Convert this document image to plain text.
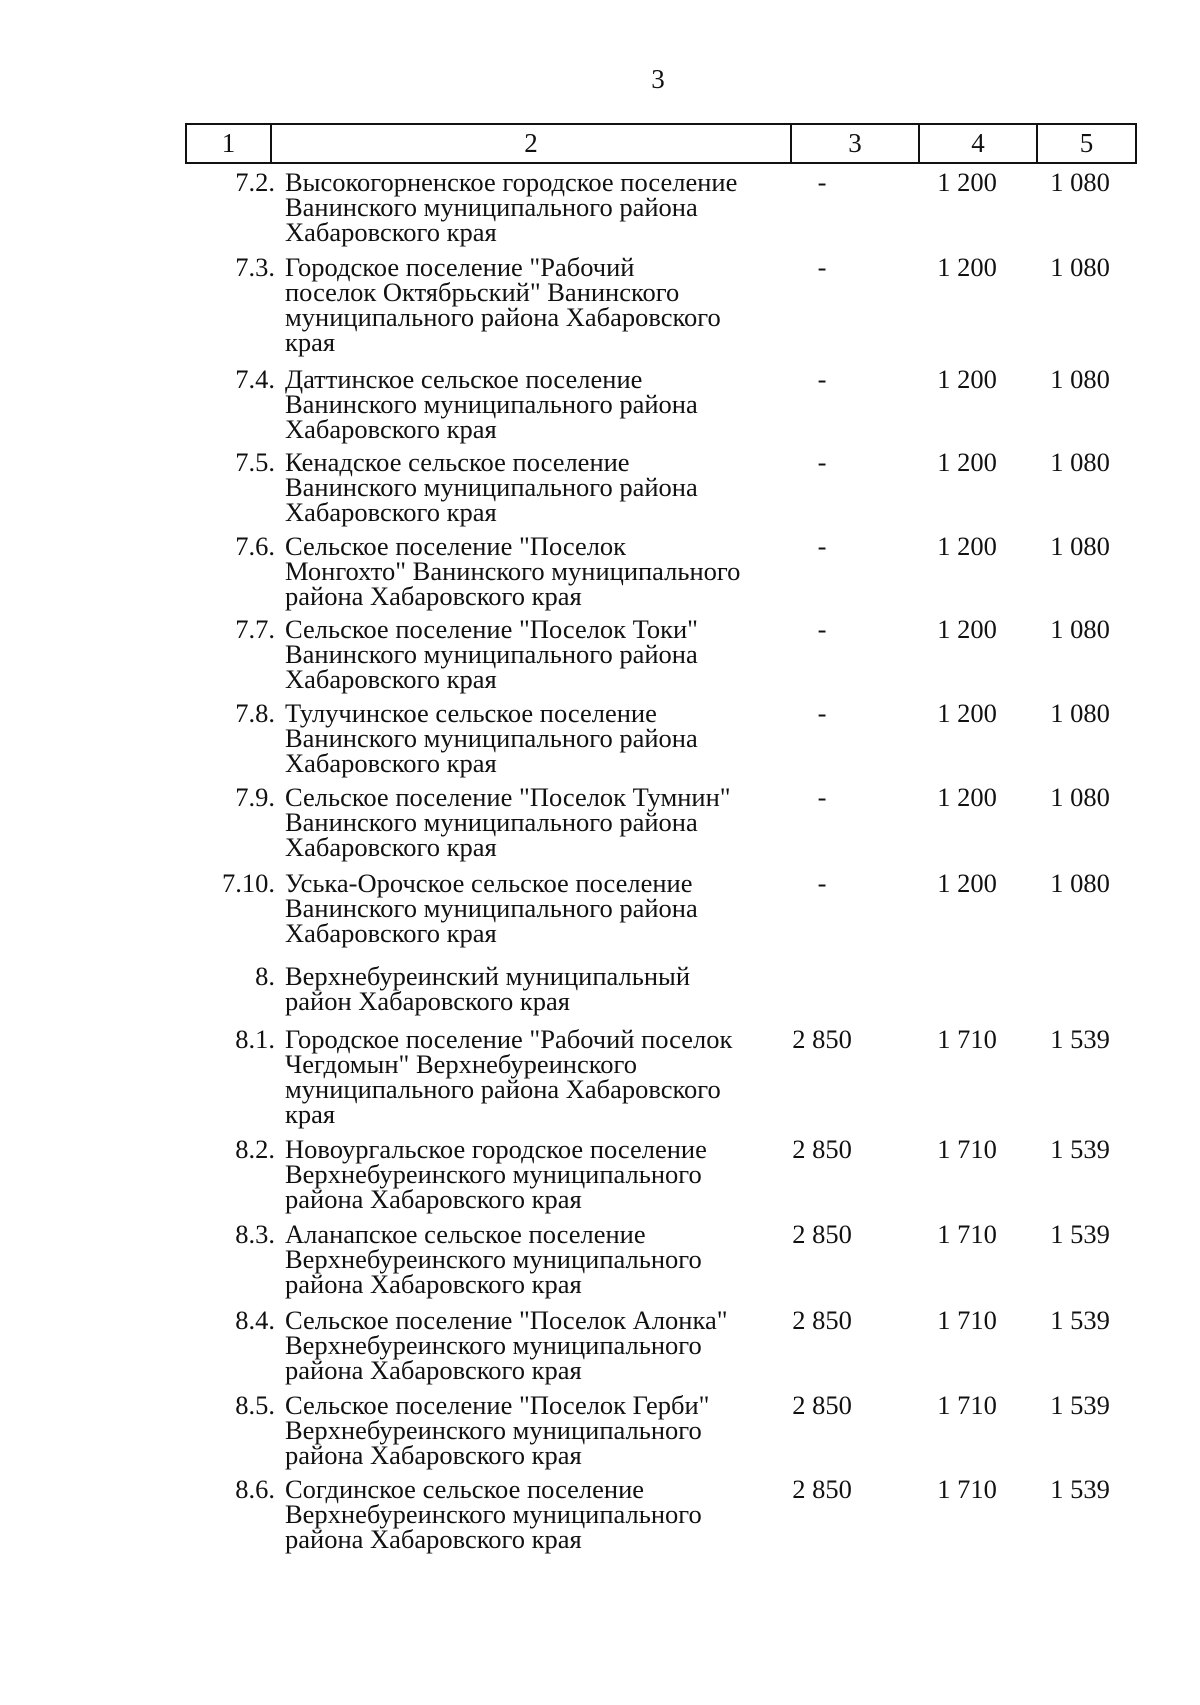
3
1	2	3	4	5
7.2. Высокогорненское городское поселение
Ванинского муниципального района
Хабаровского края
-	1 200	1 080
7.3. Городское поселение "Рабочий
поселок Октябрьский" Ванинского
муниципального района Хабаровского
края
-	1 200	1 080
7.4. Даттинское сельское поселение
Ванинского муниципального района
Хабаровского края
-	1 200	1 080
7.5. Кенадское сельское поселение
Ванинского муниципального района
Хабаровского края
-	1 200	1 080
7.6. Сельское поселение "Поселок
Монгохто" Ванинского муниципального
района Хабаровского края
-	1 200	1 080
7.7. Сельское поселение "Поселок Токи"
Ванинского муниципального района
Хабаровского края
-	1 200	1 080
7.8. Тулучинское сельское поселение
Ванинского муниципального района
Хабаровского края
-	1 200	1 080
7.9. Сельское поселение "Поселок Тумнин"
Ванинского муниципального района
Хабаровского края
-	1 200	1 080
7.10. Уська-Орочское сельское поселение
Ванинского муниципального района
Хабаровского края
-	1 200	1 080
8. Верхнебуреинский муниципальный
район Хабаровского края
8.1. Городское поселение "Рабочий поселок
Чегдомын" Верхнебуреинского
муниципального района Хабаровского
края
2 850	1 710	1 539
8.2. Новоургальское городское поселение
Верхнебуреинского муниципального
района Хабаровского края
2 850	1 710	1 539
8.3. Аланапское сельское поселение
Верхнебуреинского муниципального
района Хабаровского края
2 850	1 710	1 539
8.4. Сельское поселение "Поселок Алонка"
Верхнебуреинского муниципального
района Хабаровского края
2 850	1 710	1 539
8.5. Сельское поселение "Поселок Герби"
Верхнебуреинского муниципального
района Хабаровского края
2 850	1 710	1 539
8.6. Согдинское сельское поселение
Верхнебуреинского муниципального
района Хабаровского края
2 850	1 710	1 539
